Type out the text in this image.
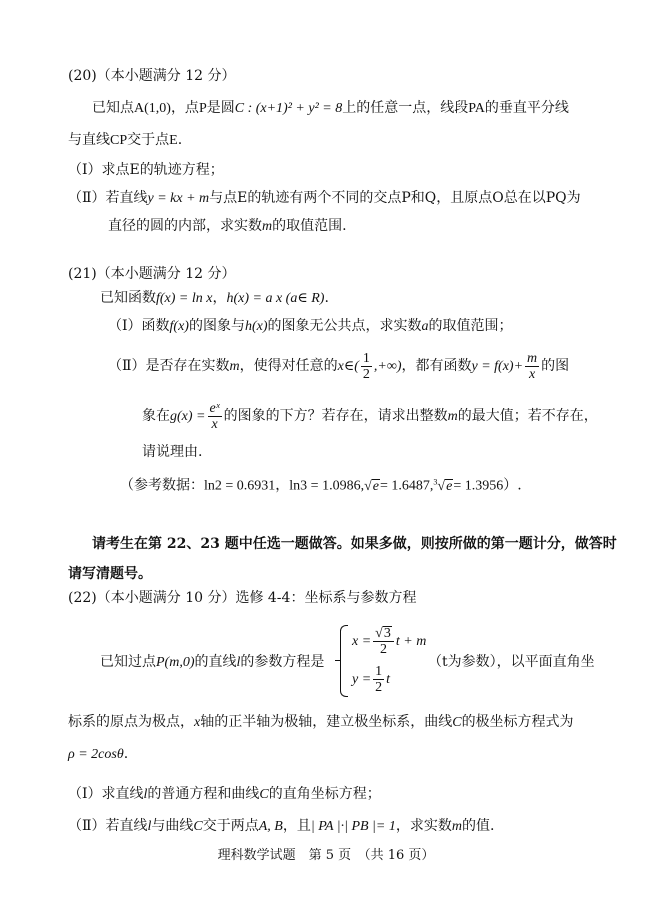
(20)（本小题满分 12 分）
已知点A(1,0)，点P是圆C : (x+1)² + y² = 8上的任意一点，线段PA的垂直平分线
与直线CP交于点E.
（Ⅰ）求点E的轨迹方程；
（Ⅱ）若直线y = kx + m与点E的轨迹有两个不同的交点P和Q，且原点O总在以PQ为
直径的圆的内部，求实数m的取值范围.
(21)（本小题满分 12 分）
已知函数f(x) = ln x，h(x) = a x (a∈ R).
（Ⅰ）函数f(x)的图象与h(x)的图象无公共点，求实数a的取值范围；
（Ⅱ）是否存在实数m，使得对任意的x∈( $\frac{1}{2}$ ,+∞)，都有函数$y = f(x)+ \frac{m}{x}$ 的图
象在$g(x) = \frac{\text{eˣ}}{x}$ 的图象的下方？若存在，请求出整数m的最大值；若不存在，
请说理由.
（参考数据：ln2 = 0.6931，ln3 = 1.0986,√e= 1.6487,$^3$√e= 1.3956）.
请考生在第 22、23 题中任选一题做答。如果多做，则按所做的第一题计分，做答时
请写清题号。
(22)（本小题满分 10 分）选修 4-4：坐标系与参数方程
已知过点P(m,0)的直线l的参数方程是
$x = \frac{√3}{2}$ t + m
$y = \frac{1}{2}$ t
（t为参数），以平面直角坐
标系的原点为极点，x轴的正半轴为极轴，建立极坐标系，曲线C的极坐标方程式为
ρ = 2cosθ.
（Ⅰ）求直线l的普通方程和曲线C的直角坐标方程；
（Ⅱ）若直线l与曲线C交于两点A, B，且| PA |·| PB |= 1，求实数m的值.
理科数学试题　第 5 页　（共 16 页）
